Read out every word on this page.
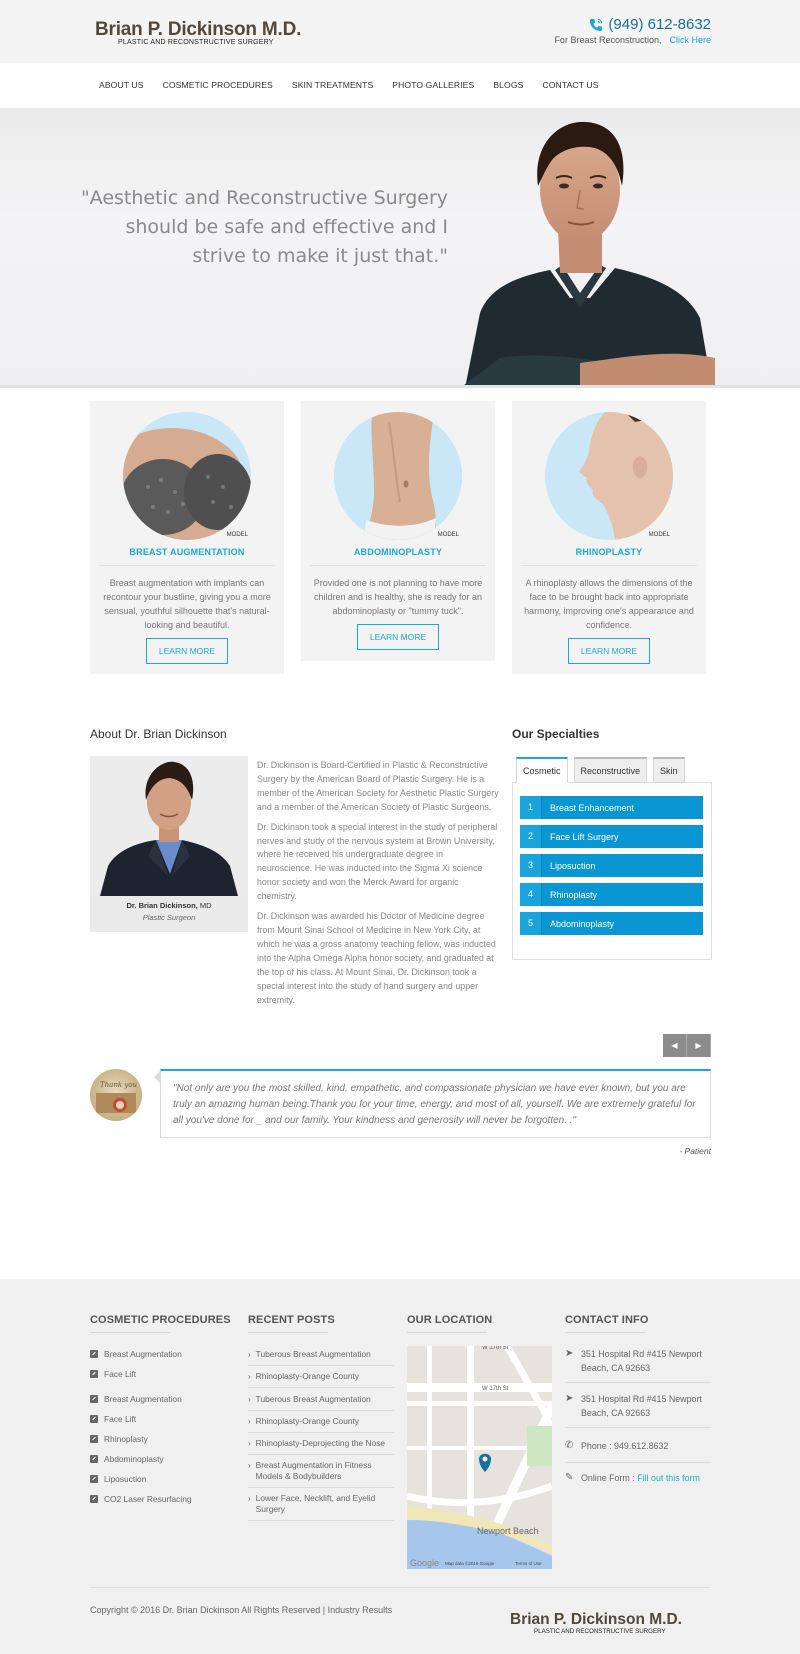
Brian P. Dickinson M.D.
PLASTIC AND RECONSTRUCTIVE SURGERY
(949) 612-8632
For Breast Reconstruction, Click Here
ABOUT US COSMETIC PROCEDURES SKIN TREATMENTS PHOTO GALLERIES BLOGS CONTACT US
"Aesthetic and Reconstructive Surgery should be safe and effective and I strive to make it just that."
MODEL
BREAST AUGMENTATION
Breast augmentation with implants can recontour your bustline, giving you a more sensual, youthful silhouette that's natural-looking and beautiful.
LEARN MORE
MODEL
ABDOMINOPLASTY
Provided one is not planning to have more children and is healthy, she is ready for an abdominoplasty or "tummy tuck".
LEARN MORE
MODEL
RHINOPLASTY
A rhinoplasty allows the dimensions of the face to be brought back into appropriate harmony, improving one's appearance and confidence.
LEARN MORE
About Dr. Brian Dickinson
Dr. Brian Dickinson, MD
Plastic Surgeon

Dr. Dickinson is Board-Certified in Plastic & Reconstructive Surgery by the American Board of Plastic Surgery. He is a member of the American Society for Aesthetic Plastic Surgery and a member of the American Society of Plastic Surgeons.

Dr. Dickinson took a special interest in the study of peripheral nerves and study of the nervous system at Brown University, where he received his undergraduate degree in neuroscience. He was inducted into the Sigma Xi science honor society and won the Merck Award for organic chemistry.

Dr. Dickinson was awarded his Doctor of Medicine degree from Mount Sinai School of Medicine in New York City, at which he was a gross anatomy teaching fellow, was inducted into the Alpha Omega Alpha honor society, and graduated at the top of his class. At Mount Sinai, Dr. Dickinson took a special interest into the study of hand surgery and upper extremity.

Our Specialties
Cosmetic	Reconstructive	Skin
1	Breast Enhancement
2	Face Lift Surgery
3	Liposuction
4	Rhinoplasty
5	Abdominoplasty
◀	▶
Thank you	"Not only are you the most skilled, kind, empathetic, and compassionate physician we have ever known, but you are truly an amazing human being.Thank you for your time, energy, and most of all, yourself. We are extremely grateful for all you've done for _ and our family. Your kindness and generosity will never be forgotten. ."
- Patient
COSMETIC PROCEDURES
Breast Augmentation
Face Lift
Breast Augmentation
Face Lift
Rhinoplasty
Abdominoplasty
Liposuction
CO2 Laser Resurfacing
RECENT POSTS
› Tuberous Breast Augmentation
› Rhinoplasty-Orange County
› Tuberous Breast Augmentation
› Rhinoplasty-Orange County
› Rhinoplasty-Deprojecting the Nose
› Breast Augmentation in Fitness Models & Bodybuilders
› Lower Face, Necklift, and Eyelid Surgery
OUR LOCATION
W 17th St
W 17th St
Newport Beach
Google Map data ©2016 Google	Terms of Use
CONTACT INFO
➤ 351 Hospital Rd #415 Newport Beach, CA 92663
➤ 351 Hospital Rd #415 Newport Beach, CA 92663
✆ Phone : 949.612.8632
✎ Online Form : Fill out this form
Copyright © 2016 Dr. Brian Dickinson All Rights Reserved | Industry Results
Brian P. Dickinson M.D.
PLASTIC AND RECONSTRUCTIVE SURGERY
